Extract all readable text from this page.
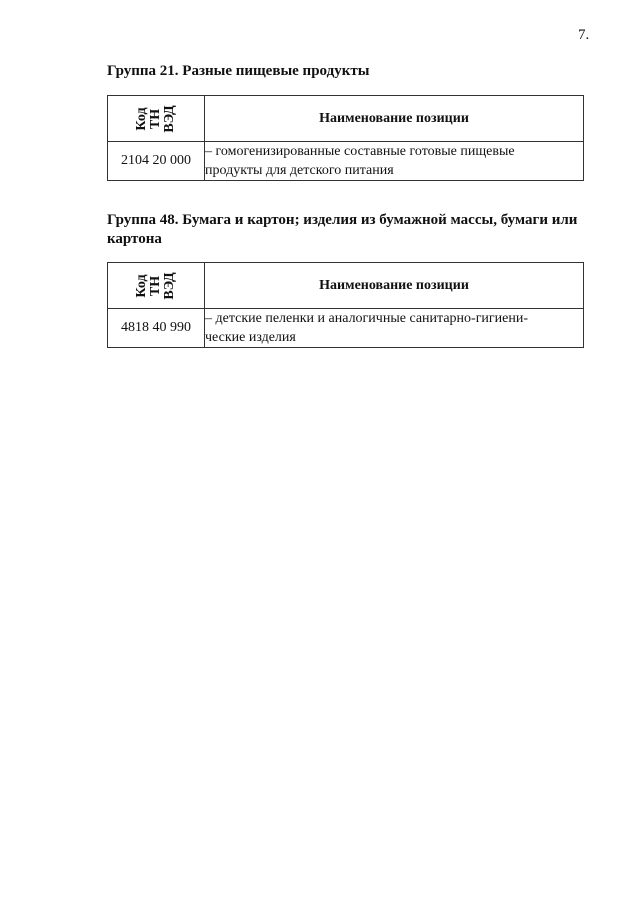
7.
Группа 21. Разные пищевые продукты
Код ТН ВЭД	Наименование позиции
2104 20 000	– гомогенизированные составные готовые пищевые
продукты для детского питания
Группа 48. Бумага и картон; изделия из бумажной массы, бумаги или картона
Код ТН ВЭД	Наименование позиции
4818 40 990	– детские пеленки и аналогичные санитарно-гигиени-
ческие изделия
